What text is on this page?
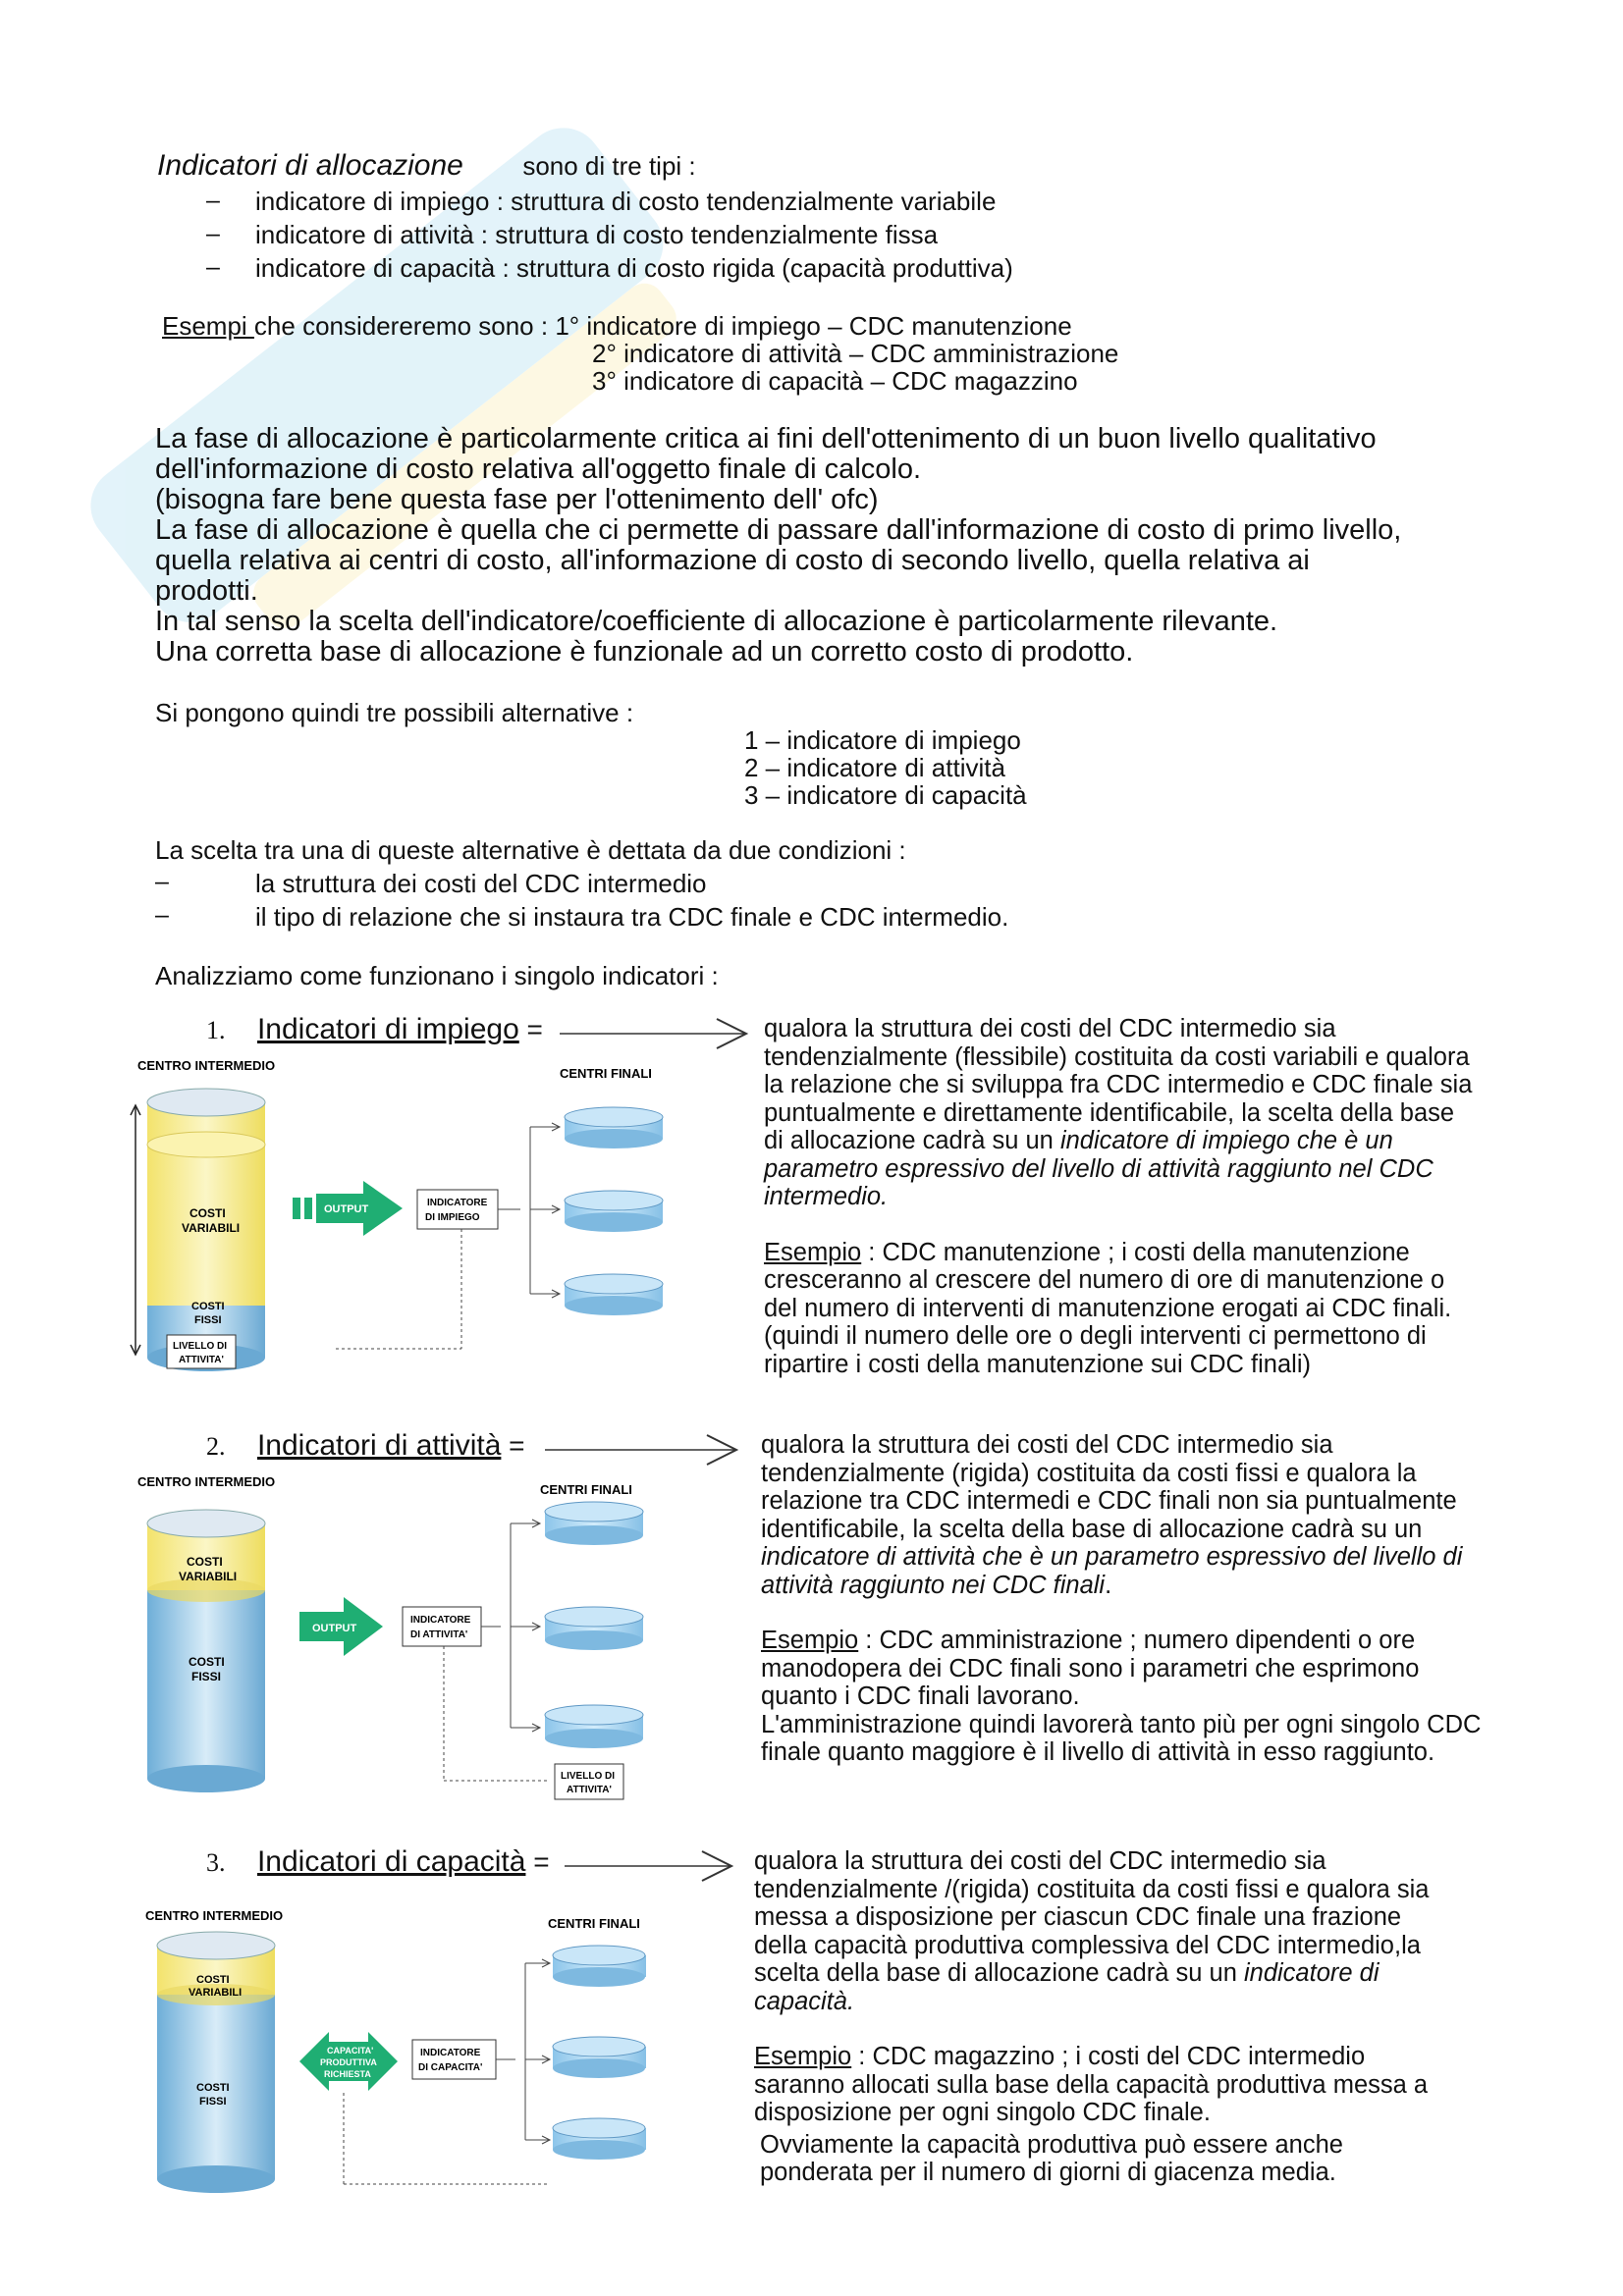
Indicatori di allocazione sono di tre tipi :
– indicatore di impiego : struttura di costo tendenzialmente variabile
– indicatore di attività : struttura di costo tendenzialmente fissa
– indicatore di capacità : struttura di costo rigida (capacità produttiva)
Esempi che considereremo sono : 1° indicatore di impiego – CDC manutenzione
2° indicatore di attività – CDC amministrazione
3° indicatore di capacità – CDC magazzino
La fase di allocazione è particolarmente critica ai fini dell'ottenimento di un buon livello qualitativo
dell'informazione di costo relativa all'oggetto finale di calcolo.
(bisogna fare bene questa fase per l'ottenimento dell' ofc)
La fase di allocazione è quella che ci permette di passare dall'informazione di costo di primo livello,
quella relativa ai centri di costo, all'informazione di costo di secondo livello, quella relativa ai
prodotti.
In tal senso la scelta dell'indicatore/coefficiente di allocazione è particolarmente rilevante.
Una corretta base di allocazione è funzionale ad un corretto costo di prodotto.
Si pongono quindi tre possibili alternative :
1 – indicatore di impiego
2 – indicatore di attività
3 – indicatore di capacità
La scelta tra una di queste alternative è dettata da due condizioni :
–	la struttura dei costi del CDC intermedio
–	il tipo di relazione che si instaura tra CDC finale e CDC intermedio.
Analizziamo come funzionano i singolo indicatori :
1. Indicatori di impiego =	qualora la struttura dei costi del CDC intermedio sia tendenzialmente (flessibile) costituita da costi variabili e qualora la relazione che si sviluppa fra CDC intermedio e CDC finale sia puntualmente e direttamente identificabile, la scelta della base di allocazione cadrà su un indicatore di impiego che è un parametro espressivo del livello di attività raggiunto nel CDC intermedio.

Esempio : CDC manutenzione ; i costi della manutenzione cresceranno al crescere del numero di ore di manutenzione o del numero di interventi di manutenzione erogati ai CDC finali.

(quindi il numero delle ore o degli interventi ci permettono di ripartire i costi della manutenzione sui CDC finali)

CENTRO INTERMEDIO
COSTI
VARIABILI
COSTI
FISSI
OUTPUT
INDICATORE
DI IMPIEGO
CENTRI FINALI
LIVELLO DI
ATTIVITA'
2. Indicatori di attività =	qualora la struttura dei costi del CDC intermedio sia tendenzialmente (rigida) costituita da costi fissi e qualora la relazione tra CDC intermedi e CDC finali non sia puntualmente identificabile, la scelta della base di allocazione cadrà su un indicatore di attività che è un parametro espressivo del livello di attività raggiunto nei CDC finali.

Esempio : CDC amministrazione ; numero dipendenti o ore manodopera dei CDC finali sono i parametri che esprimono quanto i CDC finali lavorano.

L'amministrazione quindi lavorerà tanto più per ogni singolo CDC finale quanto maggiore è il livello di attività in esso raggiunto.

CENTRO INTERMEDIO
COSTI
VARIABILI
COSTI
FISSI
OUTPUT
INDICATORE
DI ATTIVITA'
CENTRI FINALI
LIVELLO DI
ATTIVITA'
3. Indicatori di capacità =	qualora la struttura dei costi del CDC intermedio sia tendenzialmente /(rigida) costituita da costi fissi e qualora sia messa a disposizione per ciascun CDC finale una frazione della capacità produttiva complessiva del CDC intermedio,la scelta della base di allocazione cadrà su un indicatore di capacità.

Esempio : CDC magazzino ; i costi del CDC intermedio saranno allocati sulla base della capacità produttiva messa a disposizione per ogni singolo CDC finale.

Ovviamente la capacità produttiva può essere anche ponderata per il numero di giorni di giacenza media.

CENTRO INTERMEDIO
COSTI
VARIABILI
COSTI
FISSI
CAPACITA'
PRODUTTIVA
RICHIESTA
INDICATORE
DI CAPACITA'
CENTRI FINALI
